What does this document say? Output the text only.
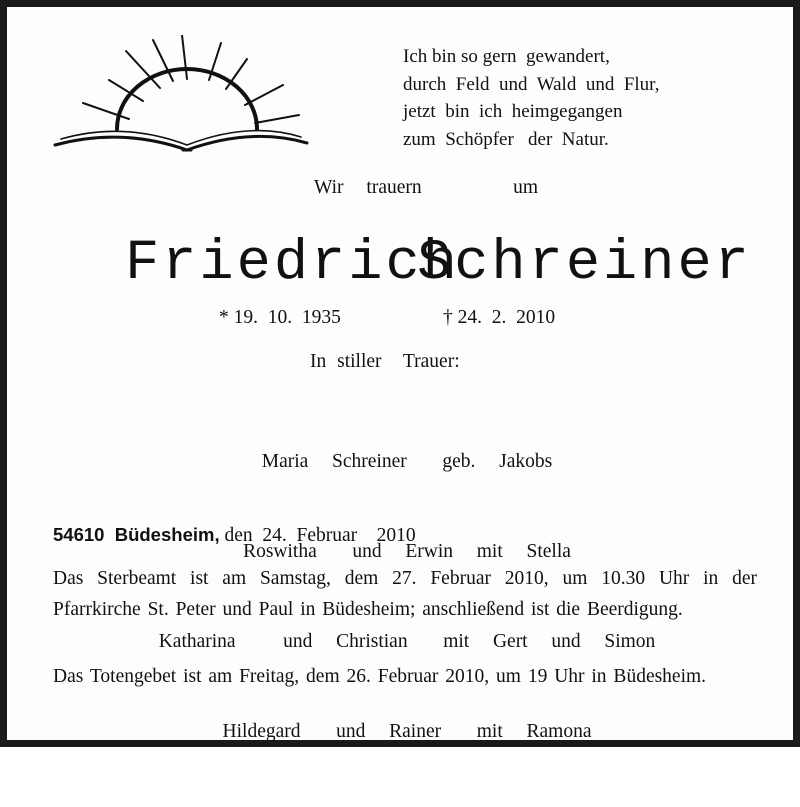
Ich bin so gern  gewandert,
durch  Feld  und  Wald  und  Flur,
jetzt  bin  ich  heimgegangen
zum  Schöpfer   der  Natur.
Wir trauern    um
Friedrich
Schreiner
* 19.  10.  1935	† 24.  2.  2010
In stiller  Trauer:

Maria  Schreiner   geb.  Jakobs

Roswitha   und  Erwin  mit  Stella

Katharina    und  Christian   mit  Gert  und  Simon

Hildegard   und  Rainer   mit  Ramona

54610  Büdesheim, den  24.  Februar    2010
Das Sterbeamt ist am Samstag, dem 27. Februar 2010, um 10.30 Uhr in der Pfarrkirche St. Peter und Paul in Büdesheim; anschließend ist die Beerdigung.
Das Totengebet ist am Freitag, dem 26. Februar 2010, um 19 Uhr in Büdesheim.
